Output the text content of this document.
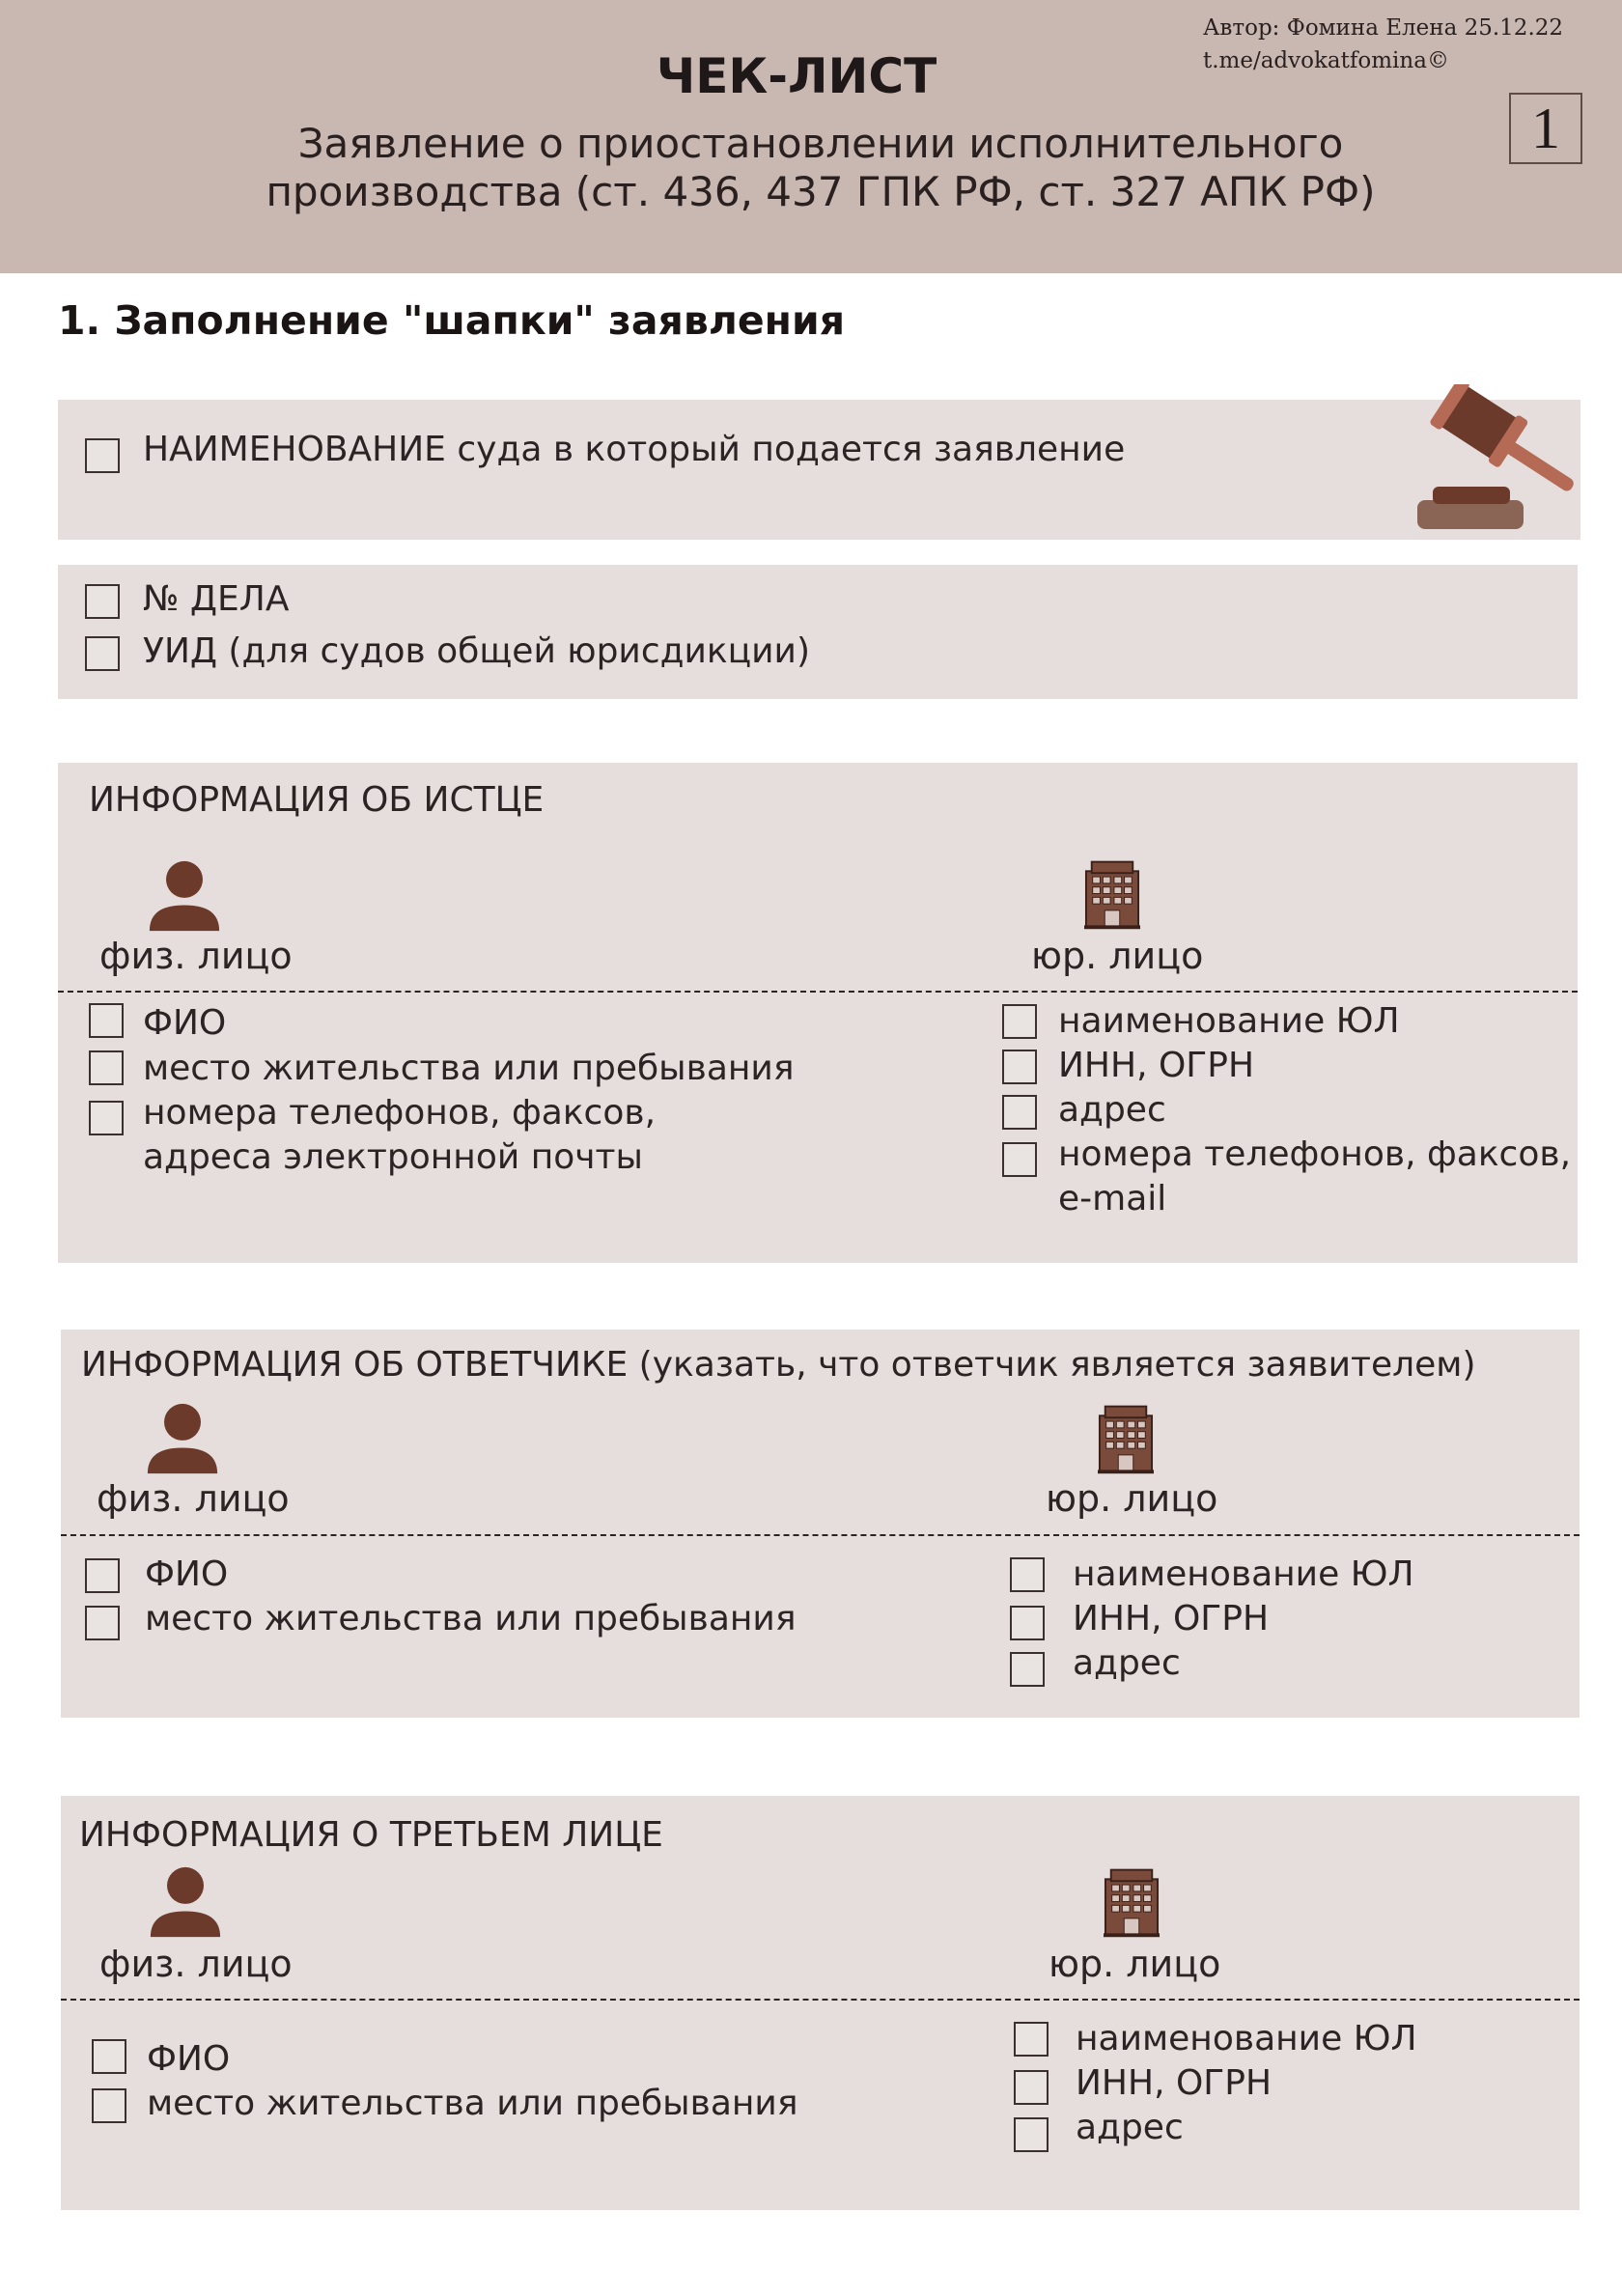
ЧЕК-ЛИСТ
Заявление о приостановлении исполнительного
производства (ст. 436, 437 ГПК РФ, ст. 327 АПК РФ)
Автор: Фомина Елена 25.12.22
t.me/advokatfomina©
1
1. Заполнение "шапки" заявления
НАИМЕНОВАНИЕ суда в который подается заявление
№ ДЕЛА
УИД (для судов общей юрисдикции)
ИНФОРМАЦИЯ ОБ ИСТЦЕ
физ. лицо	юр. лицо
ФИО
место жительства или пребывания
номера телефонов, факсов,
адреса электронной почты
наименование ЮЛ
ИНН, ОГРН
адрес
номера телефонов, факсов,
e-mail
ИНФОРМАЦИЯ ОБ ОТВЕТЧИКЕ (указать, что ответчик является заявителем)
физ. лицо	юр. лицо
ФИО
место жительства или пребывания
наименование ЮЛ
ИНН, ОГРН
адрес
ИНФОРМАЦИЯ О ТРЕТЬЕМ ЛИЦЕ
физ. лицо	юр. лицо
ФИО
место жительства или пребывания
наименование ЮЛ
ИНН, ОГРН
адрес
